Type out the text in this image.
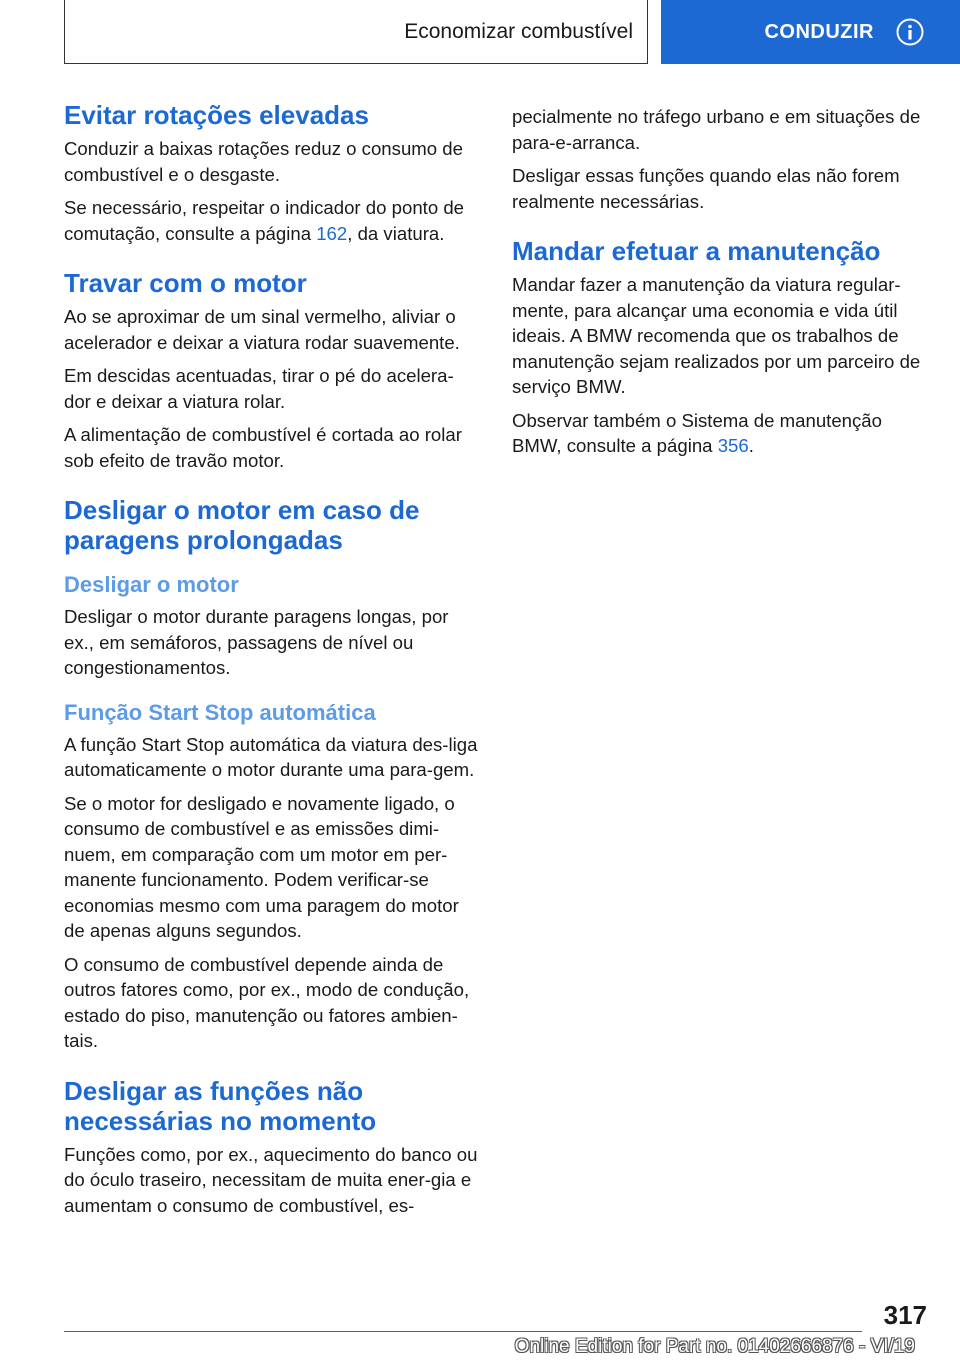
Economizar combustível	CONDUZIR
Evitar rotações elevadas

Conduzir a baixas rotações reduz o consumo de combustível e o desgaste.

Se necessário, respeitar o indicador do ponto de comutação, consulte a página 162, da viatura.

Travar com o motor

Ao se aproximar de um sinal vermelho, aliviar o acelerador e deixar a viatura rodar suavemente.

Em descidas acentuadas, tirar o pé do acelera-dor e deixar a viatura rolar.

A alimentação de combustível é cortada ao rolar sob efeito de travão motor.

Desligar o motor em caso de paragens prolongadas
Desligar o motor

Desligar o motor durante paragens longas, por ex., em semáforos, passagens de nível ou congestionamentos.

Função Start Stop automática

A função Start Stop automática da viatura des-liga automaticamente o motor durante uma para-gem.

Se o motor for desligado e novamente ligado, o consumo de combustível e as emissões dimi-nuem, em comparação com um motor em per-manente funcionamento. Podem verificar-se economias mesmo com uma paragem do motor de apenas alguns segundos.

O consumo de combustível depende ainda de outros fatores como, por ex., modo de condução, estado do piso, manutenção ou fatores ambien-tais.

Desligar as funções não necessárias no momento

Funções como, por ex., aquecimento do banco ou do óculo traseiro, necessitam de muita ener-gia e aumentam o consumo de combustível, es-

pecialmente no tráfego urbano e em situações de para-e-arranca.

Desligar essas funções quando elas não forem realmente necessárias.

Mandar efetuar a manutenção

Mandar fazer a manutenção da viatura regular-mente, para alcançar uma economia e vida útil ideais. A BMW recomenda que os trabalhos de manutenção sejam realizados por um parceiro de serviço BMW.

Observar também o Sistema de manutenção BMW, consulte a página 356.

317
Online Edition for Part no. 01402666876 - VI/19
